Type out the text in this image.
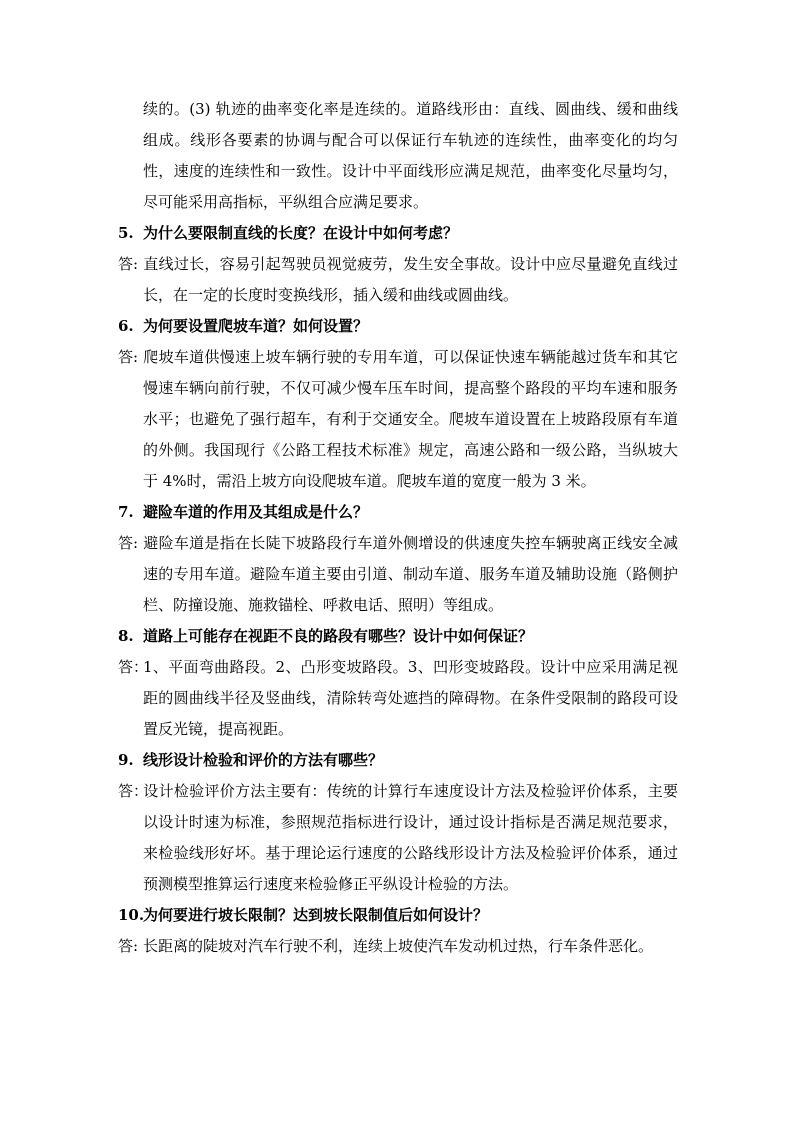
续的。(3) 轨迹的曲率变化率是连续的。道路线形由：直线、圆曲线、缓和曲线组成。线形各要素的协调与配合可以保证行车轨迹的连续性，曲率变化的均匀性，速度的连续性和一致性。设计中平面线形应满足规范，曲率变化尽量均匀，尽可能采用高指标，平纵组合应满足要求。
5. 为什么要限制直线的长度？在设计中如何考虑？
答: 直线过长，容易引起驾驶员视觉疲劳，发生安全事故。设计中应尽量避免直线过长，在一定的长度时变换线形，插入缓和曲线或圆曲线。
6. 为何要设置爬坡车道？如何设置？
答: 爬坡车道供慢速上坡车辆行驶的专用车道，可以保证快速车辆能越过货车和其它慢速车辆向前行驶，不仅可减少慢车压车时间，提高整个路段的平均车速和服务水平；也避免了强行超车，有利于交通安全。爬坡车道设置在上坡路段原有车道的外侧。我国现行《公路工程技术标准》规定，高速公路和一级公路，当纵坡大于 4%时，需沿上坡方向设爬坡车道。爬坡车道的宽度一般为 3 米。
7. 避险车道的作用及其组成是什么？
答: 避险车道是指在长陡下坡路段行车道外侧增设的供速度失控车辆驶离正线安全减速的专用车道。避险车道主要由引道、制动车道、服务车道及辅助设施（路侧护栏、防撞设施、施救锚栓、呼救电话、照明）等组成。
8. 道路上可能存在视距不良的路段有哪些？设计中如何保证？
答：1、平面弯曲路段。2、凸形变坡路段。3、凹形变坡路段。设计中应采用满足视距的圆曲线半径及竖曲线，清除转弯处遮挡的障碍物。在条件受限制的路段可设置反光镜，提高视距。
9. 线形设计检验和评价的方法有哪些？
答：设计检验评价方法主要有：传统的计算行车速度设计方法及检验评价体系，主要以设计时速为标准，参照规范指标进行设计，通过设计指标是否满足规范要求，来检验线形好坏。基于理论运行速度的公路线形设计方法及检验评价体系，通过预测模型推算运行速度来检验修正平纵设计检验的方法。
10.为何要进行坡长限制？达到坡长限制值后如何设计？
答: 长距离的陡坡对汽车行驶不利，连续上坡使汽车发动机过热，行车条件恶化。
